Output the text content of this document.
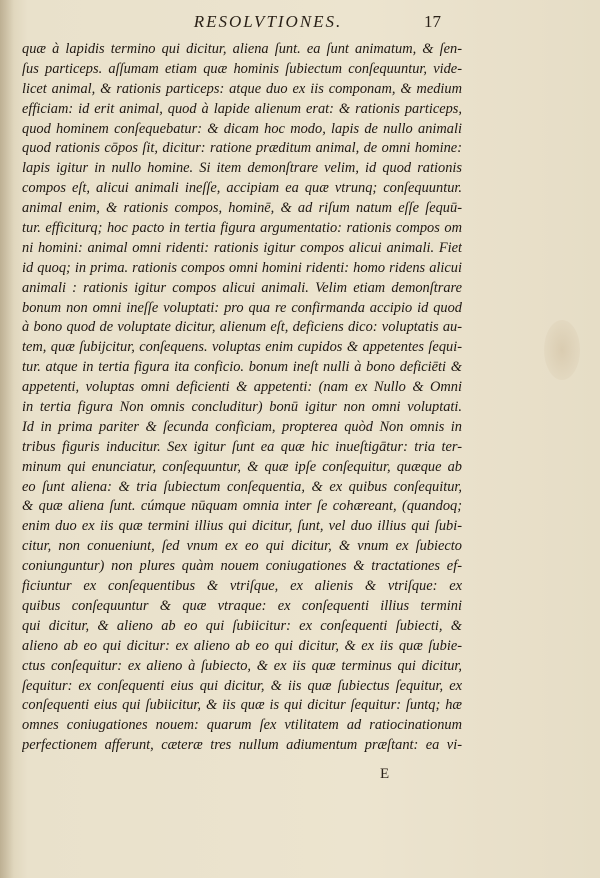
RESOLVTIONES.	17
quæ à lapidis termino qui dicitur, aliena ſunt. ea ſunt animatum, & ſen-
ſus particeps. aſſumam etiam quæ hominis ſubiectum conſequuntur, vide-
licet animal, & rationis particeps: atque duo ex iis componam, & medium
efficiam: id erit animal, quod à lapide alienum erat: & rationis particeps,
quod hominem conſequebatur: & dicam hoc modo, lapis de nullo animali
quod rationis cōpos ſit, dicitur: ratione præditum animal, de omni homine:
lapis igitur in nullo homine. Si item demonſtrare velim, id quod rationis
compos eſt, alicui animali ineſſe, accipiam ea quæ vtrunq; conſequuntur.
animal enim, & rationis compos, hominē, & ad riſum natum eſſe ſequū-
tur. efficiturq; hoc pacto in tertia figura argumentatio: rationis compos om
ni homini: animal omni ridenti: rationis igitur compos alicui animali. Fiet
id quoq; in prima. rationis compos omni homini ridenti: homo ridens alicui
animali : rationis igitur compos alicui animali. Velim etiam demonſtrare
bonum non omni ineſſe voluptati: pro qua re confirmanda accipio id quod
à bono quod de voluptate dicitur, alienum eſt, deficiens dico: voluptatis au-
tem, quæ ſubijcitur, conſequens. voluptas enim cupidos & appetentes ſequi-
tur. atque in tertia figura ita conficio. bonum ineſt nulli à bono deficiēti &
appetenti, voluptas omni deficienti & appetenti: (nam ex Nullo & Omni
in tertia figura Non omnis concluditur) bonū igitur non omni voluptati.
Id in prima pariter & ſecunda conficiam, propterea quòd Non omnis in
tribus figuris inducitur. Sex igitur ſunt ea quæ hic inueſtigātur: tria ter-
minum qui enunciatur, conſequuntur, & quæ ipſe conſequitur, quæque ab
eo ſunt aliena: & tria ſubiectum conſequentia, & ex quibus conſequitur,
& quæ aliena ſunt. cúmque nūquam omnia inter ſe cohæreant, (quandoq;
enim duo ex iis quæ termini illius qui dicitur, ſunt, vel duo illius qui ſubi-
citur, non conueniunt, ſed vnum ex eo qui dicitur, & vnum ex ſubiecto
coniunguntur) non plures quàm nouem coniugationes & tractationes ef-
ficiuntur ex conſequentibus & vtriſque, ex alienis & vtriſque: ex
quibus conſequuntur & quæ vtraque: ex conſequenti illius termini
qui dicitur, & alieno ab eo qui ſubiicitur: ex conſequenti ſubiecti, &
alieno ab eo qui dicitur: ex alieno ab eo qui dicitur, & ex iis quæ ſubie-
ctus conſequitur: ex alieno à ſubiecto, & ex iis quæ terminus qui dicitur,
ſequitur: ex conſequenti eius qui dicitur, & iis quæ ſubiectus ſequitur, ex
conſequenti eius qui ſubiicitur, & iis quæ is qui dicitur ſequitur: ſuntq; hæ
omnes coniugationes nouem: quarum ſex vtilitatem ad ratiocinationum
perfectionem afferunt, cæteræ tres nullum adiumentum præſtant: ea vi-
E
